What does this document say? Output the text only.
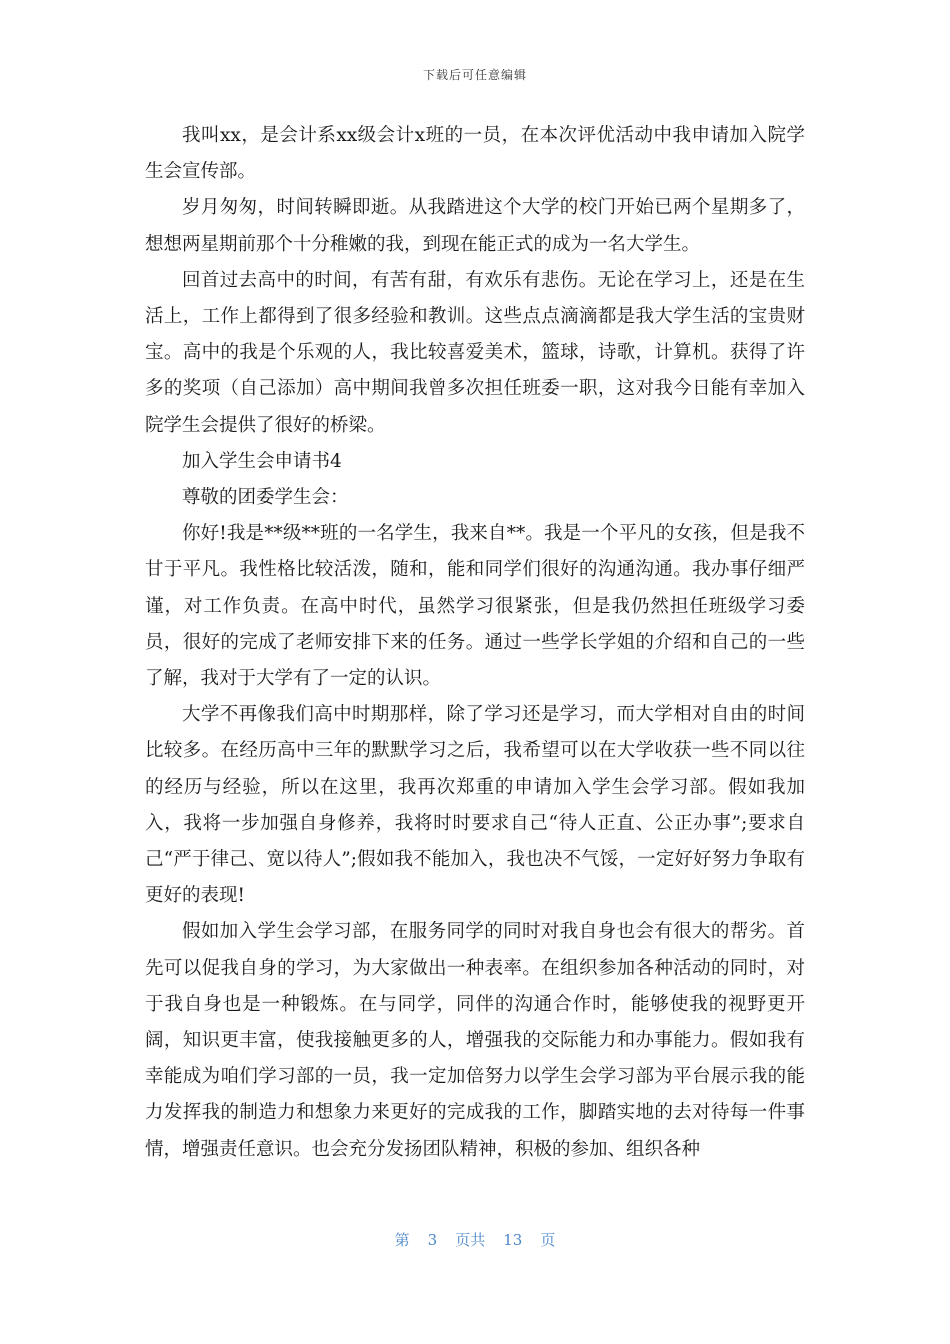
下载后可任意编辑

我叫xx，是会计系xx级会计x班的一员，在本次评优活动中我申请加入院学生会宣传部。

岁月匆匆，时间转瞬即逝。从我踏进这个大学的校门开始已两个星期多了，想想两星期前那个十分稚嫩的我，到现在能正式的成为一名大学生。

回首过去高中的时间，有苦有甜，有欢乐有悲伤。无论在学习上，还是在生活上，工作上都得到了很多经验和教训。这些点点滴滴都是我大学生活的宝贵财宝。高中的我是个乐观的人，我比较喜爱美术，篮球，诗歌，计算机。获得了许多的奖项（自己添加）高中期间我曾多次担任班委一职，这对我今日能有幸加入院学生会提供了很好的桥梁。

加入学生会申请书4

尊敬的团委学生会：

你好!我是**级**班的一名学生，我来自**。我是一个平凡的女孩，但是我不甘于平凡。我性格比较活泼，随和，能和同学们很好的沟通沟通。我办事仔细严谨，对工作负责。在高中时代，虽然学习很紧张，但是我仍然担任班级学习委员，很好的完成了老师安排下来的任务。通过一些学长学姐的介绍和自己的一些了解，我对于大学有了一定的认识。

大学不再像我们高中时期那样，除了学习还是学习，而大学相对自由的时间比较多。在经历高中三年的默默学习之后，我希望可以在大学收获一些不同以往的经历与经验，所以在这里，我再次郑重的申请加入学生会学习部。假如我加入，我将一步加强自身修养，我将时时要求自己“待人正直、公正办事”;要求自己“严于律己、宽以待人”;假如我不能加入，我也决不气馁，一定好好努力争取有更好的表现!

假如加入学生会学习部，在服务同学的同时对我自身也会有很大的帮劣。首先可以促我自身的学习，为大家做出一种表率。在组织参加各种活动的同时，对于我自身也是一种锻炼。在与同学，同伴的沟通合作时，能够使我的视野更开阔，知识更丰富，使我接触更多的人，增强我的交际能力和办事能力。假如我有幸能成为咱们学习部的一员，我一定加倍努力以学生会学习部为平台展示我的能力发挥我的制造力和想象力来更好的完成我的工作，脚踏实地的去对待每一件事情，增强责任意识。也会充分发扬团队精神，积极的参加、组织各种

第 3 页共 13 页
